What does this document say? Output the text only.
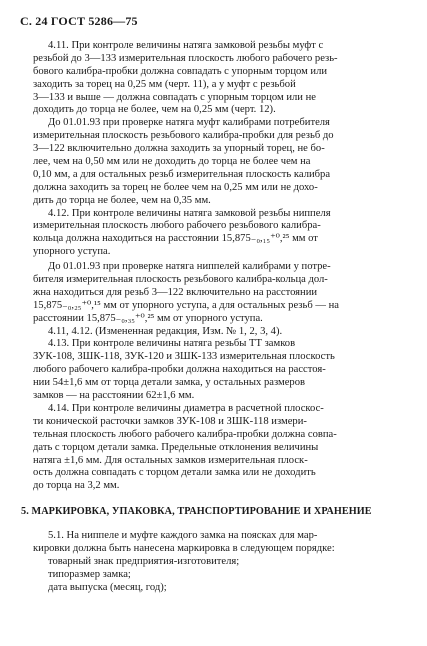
С. 24 ГОСТ 5286—75
4.11. При контроле величины натяга замковой резьбы муфт с
резьбой до 3—133 измерительная плоскость любого рабочего резь-
бового калибра-пробки должна совпадать с упорным торцом или
заходить за торец на 0,25 мм (черт. 11), а у муфт с резьбой
3—133 и выше — должна совпадать с упорным торцом или не
доходить до торца не более, чем на 0,25 мм (черт. 12).
До 01.01.93 при проверке натяга муфт калибрами потребителя
измерительная плоскость резьбового калибра-пробки для резьб до
3—122 включительно должна заходить за упорный торец, не бо-
лее, чем на 0,50 мм или не доходить до торца не более чем на
0,10 мм, а для остальных резьб измерительная плоскость калибра
должна заходить за торец не более чем на 0,25 мм или не дохо-
дить до торца не более, чем на 0,35 мм.
4.12. При контроле величины натяга замковой резьбы ниппеля
измерительная плоскость любого рабочего резьбового калибра-
кольца должна находиться на расстоянии 15,875₋₀,₁₅⁺⁰,²⁵ мм от
упорного уступа.
До 01.01.93 при проверке натяга ниппелей калибрами у потре-
бителя измерительная плоскость резьбового калибра-кольца дол-
жна находиться для резьб 3—122 включительно на расстоянии
15,875₋₀,₂₅⁺⁰,¹⁵ мм от упорного уступа, а для остальных резьб — на
расстоянии 15,875₋₀,₃₅⁺⁰,²⁵ мм от упорного уступа.
4.11, 4.12. (Измененная редакция, Изм. № 1, 2, 3, 4).
4.13. При контроле величины натяга резьбы ТТ замков
ЗУК-108, ЗШК-118, ЗУК-120 и ЗШК-133 измерительная плоскость
любого рабочего калибра-пробки должна находиться на расстоя-
нии 54±1,6 мм от торца детали замка, у остальных размеров
замков — на расстоянии 62±1,6 мм.
4.14. При контроле величины диаметра в расчетной плоскос-
ти конической расточки замков ЗУК-108 и ЗШК-118 измери-
тельная плоскость любого рабочего калибра-пробки должна совпа-
дать с торцом детали замка. Предельные отклонения величины
натяга ±1,6 мм. Для остальных замков измерительная плоск-
ость должна совпадать с торцом детали замка или не доходить
до торца на 3,2 мм.
5. МАРКИРОВКА, УПАКОВКА, ТРАНСПОРТИРОВАНИЕ И ХРАНЕНИЕ
5.1. На ниппеле и муфте каждого замка на поясках для мар-
кировки должна быть нанесена маркировка в следующем порядке:
товарный знак предприятия-изготовителя;
типоразмер замка;
дата выпуска (месяц, год);
